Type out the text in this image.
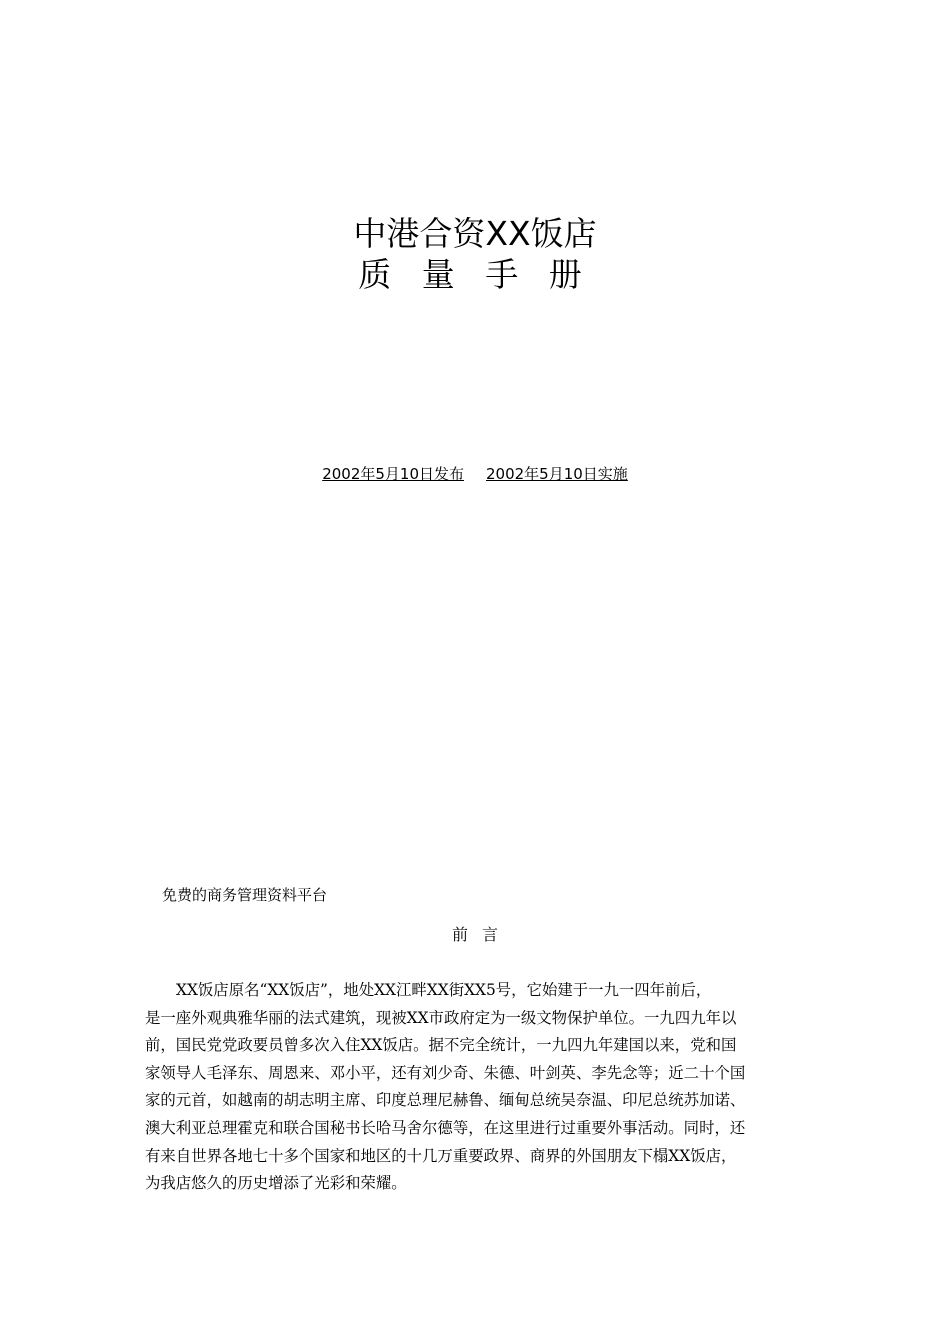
中港合资XX饭店
质 量 手 册
2002年5月10日发布 2002年5月10日实施
免费的商务管理资料平台
前言
XX饭店原名“XX饭店”，地处XX江畔XX街XX5号，它始建于一九一四年前后，
是一座外观典雅华丽的法式建筑，现被XX市政府定为一级文物保护单位。一九四九年以
前，国民党党政要员曾多次入住XX饭店。据不完全统计，一九四九年建国以来，党和国
家领导人毛泽东、周恩来、邓小平，还有刘少奇、朱德、叶剑英、李先念等；近二十个国
家的元首，如越南的胡志明主席、印度总理尼赫鲁、缅甸总统吴奈温、印尼总统苏加诺、
澳大利亚总理霍克和联合国秘书长哈马舍尔德等，在这里进行过重要外事活动。同时，还
有来自世界各地七十多个国家和地区的十几万重要政界、商界的外国朋友下榻XX饭店，
为我店悠久的历史增添了光彩和荣耀。
